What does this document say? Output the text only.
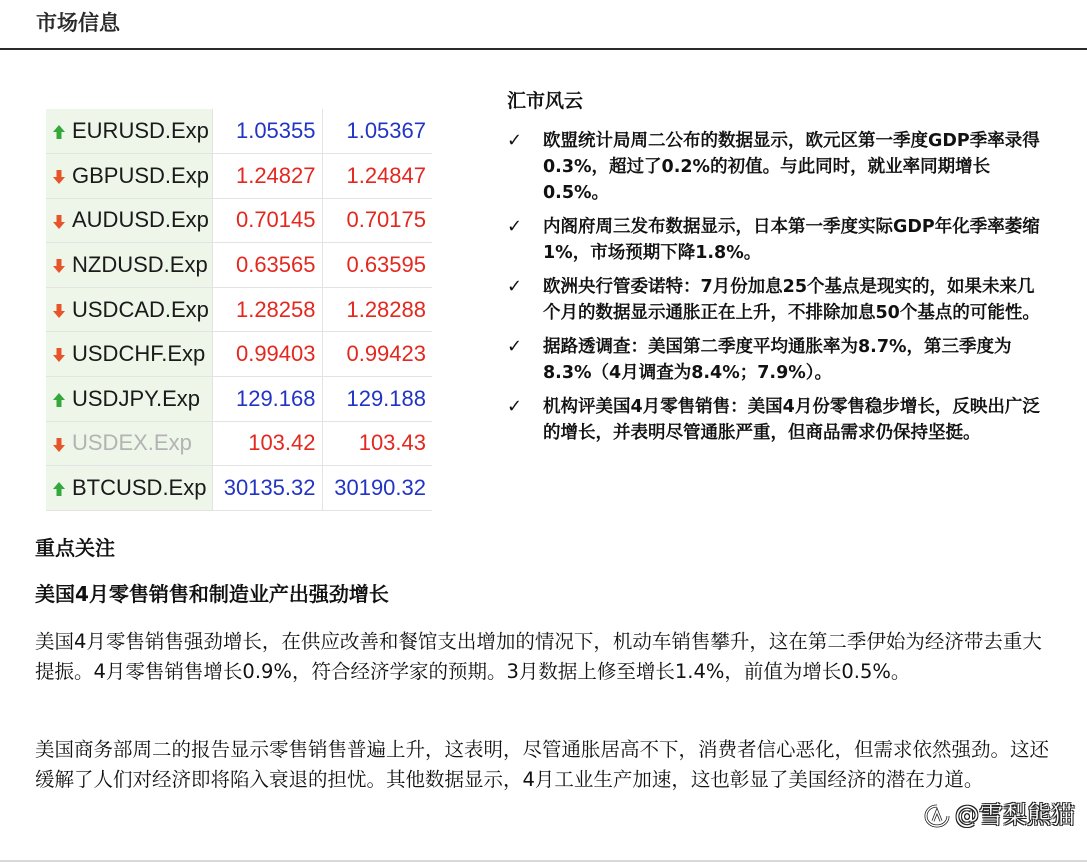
市场信息
EURUSD.Exp	1.05355	1.05367
GBPUSD.Exp	1.24827	1.24847
AUDUSD.Exp	0.70145	0.70175
NZDUSD.Exp	0.63565	0.63595
USDCAD.Exp	1.28258	1.28288
USDCHF.Exp	0.99403	0.99423
USDJPY.Exp	129.168	129.188
USDEX.Exp	103.42	103.43
BTCUSD.Exp	30135.32	30190.32
汇市风云
✓ 欧盟统计局周二公布的数据显示，欧元区第一季度GDP季率录得0.3%，超过了0.2%的初值。与此同时，就业率同期增长0.5%。
✓ 内阁府周三发布数据显示，日本第一季度实际GDP年化季率萎缩1%，市场预期下降1.8%。
✓ 欧洲央行管委诺特：7月份加息25个基点是现实的，如果未来几个月的数据显示通胀正在上升，不排除加息50个基点的可能性。
✓ 据路透调查：美国第二季度平均通胀率为8.7%，第三季度为8.3%（4月调查为8.4%；7.9%）。
✓ 机构评美国4月零售销售：美国4月份零售稳步增长，反映出广泛的增长，并表明尽管通胀严重，但商品需求仍保持坚挺。
重点关注
美国4月零售销售和制造业产出强劲增长

美国4月零售销售强劲增长，在供应改善和餐馆支出增加的情况下，机动车销售攀升，这在第二季伊始为经济带去重大提振。4月零售销售增长0.9%，符合经济学家的预期。3月数据上修至增长1.4%，前值为增长0.5%。

美国商务部周二的报告显示零售销售普遍上升，这表明，尽管通胀居高不下，消费者信心恶化，但需求依然强劲。这还缓解了人们对经济即将陷入衰退的担忧。其他数据显示，4月工业生产加速，这也彰显了美国经济的潜在力道。

@雪梨熊猫
